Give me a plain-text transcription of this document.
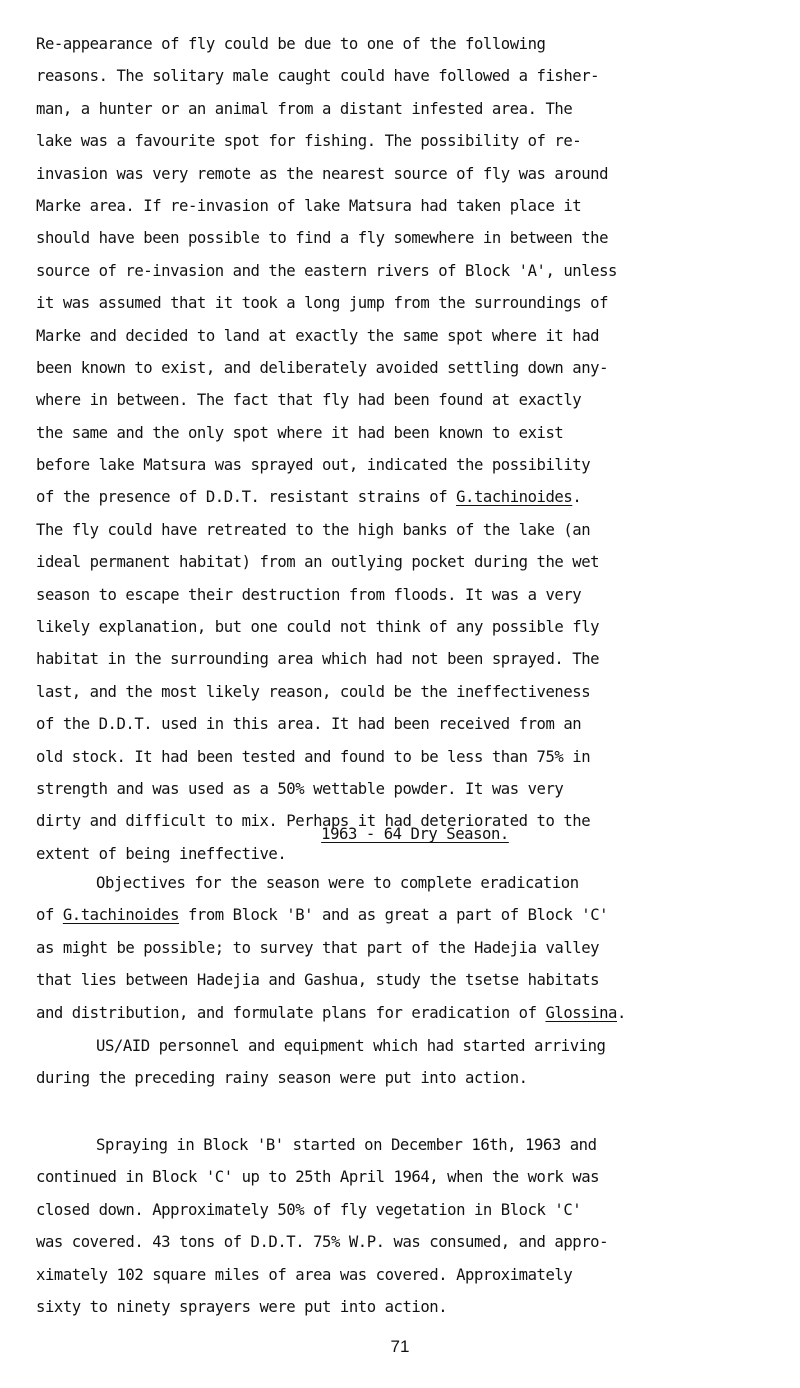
Re-appearance of fly could be due to one of the following
reasons. The solitary male caught could have followed a fisher-
man, a hunter or an animal from a distant infested area. The
lake was a favourite spot for fishing. The possibility of re-
invasion was very remote as the nearest source of fly was around
Marke area. If re-invasion of lake Matsura had taken place it
should have been possible to find a fly somewhere in between the
source of re-invasion and the eastern rivers of Block 'A', unless
it was assumed that it took a long jump from the surroundings of
Marke and decided to land at exactly the same spot where it had
been known to exist, and deliberately avoided settling down any-
where in between. The fact that fly had been found at exactly
the same and the only spot where it had been known to exist
before lake Matsura was sprayed out, indicated the possibility
of the presence of D.D.T. resistant strains of G.tachinoides.
The fly could have retreated to the high banks of the lake (an
ideal permanent habitat) from an outlying pocket during the wet
season to escape their destruction from floods. It was a very
likely explanation, but one could not think of any possible fly
habitat in the surrounding area which had not been sprayed. The
last, and the most likely reason, could be the ineffectiveness
of the D.D.T. used in this area. It had been received from an
old stock. It had been tested and found to be less than 75% in
strength and was used as a 50% wettable powder. It was very
dirty and difficult to mix. Perhaps it had deteriorated to the
extent of being ineffective.
1963 - 64 Dry Season.
Objectives for the season were to complete eradication
of G.tachinoides from Block 'B' and as great a part of Block 'C'
as might be possible; to survey that part of the Hadejia valley
that lies between Hadejia and Gashua, study the tsetse habitats
and distribution, and formulate plans for eradication of Glossina.
US/AID personnel and equipment which had started arriving
during the preceding rainy season were put into action.
Spraying in Block 'B' started on December 16th, 1963 and
continued in Block 'C' up to 25th April 1964, when the work was
closed down. Approximately 50% of fly vegetation in Block 'C'
was covered. 43 tons of D.D.T. 75% W.P. was consumed, and appro-
ximately 102 square miles of area was covered. Approximately
sixty to ninety sprayers were put into action.
71
